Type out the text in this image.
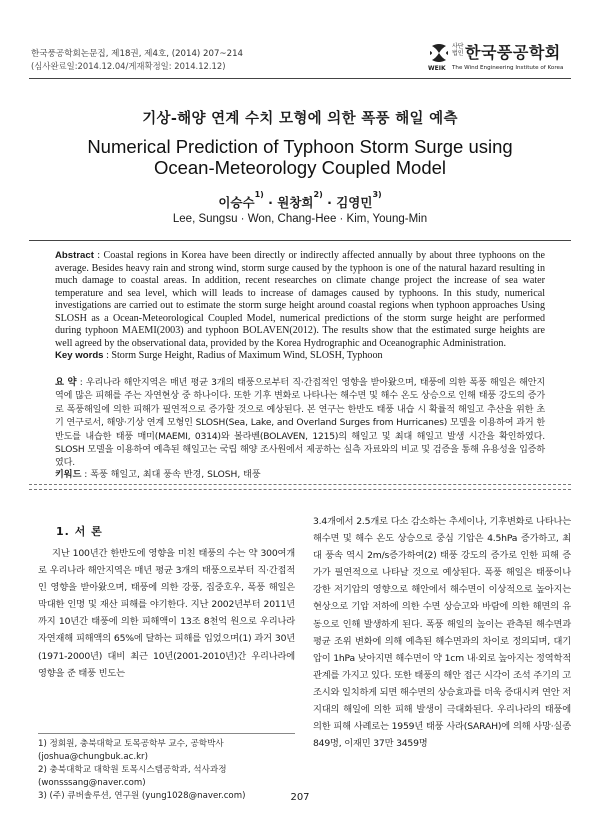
한국풍공학회논문집, 제18권, 제4호, (2014) 207~214
(심사완료일:2014.12.04/게재확정일: 2014.12.12)
사단
법인 한국풍공학회
WEIK The Wind Engineering Institute of Korea
기상-해양 연계 수치 모형에 의한 폭풍 해일 예측
Numerical Prediction of Typhoon Storm Surge using
Ocean-Meteorology Coupled Model
이승수$^{1)}$ · 원창희$^{2)}$ · 김영민$^{3)}$
Lee, Sungsu · Won, Chang-Hee · Kim, Young-Min
Abstract : Coastal regions in Korea have been directly or indirectly affected annually by about three typhoons on the average. Besides heavy rain and strong wind, storm surge caused by the typhoon is one of the natural hazard resulting in much damage to coastal areas. In addition, recent researches on climate change project the increase of sea water temperature and sea level, which will leads to increase of damages caused by typhoons. In this study, numerical investigations are carried out to estimate the storm surge height around coastal regions when typhoon approaches Using SLOSH as a Ocean-Meteorological Coupled Model, numerical predictions of the storm surge height are performed during typhoon MAEMI(2003) and typhoon BOLAVEN(2012). The results show that the estimated surge heights are well agreed by the observational data, provided by the Korea Hydrographic and Oceanographic Administration.
Key words : Storm Surge Height, Radius of Maximum Wind, SLOSH, Typhoon
요 약 : 우리나라 해안지역은 매년 평균 3개의 태풍으로부터 직·간접적인 영향을 받아왔으며, 태풍에 의한 폭풍 해일은 해안지역에 많은 피해를 주는 자연현상 중 하나이다. 또한 기후 변화로 나타나는 해수면 및 해수 온도 상승으로 인해 태풍 강도의 증가로 폭풍해일에 의한 피해가 필연적으로 증가할 것으로 예상된다. 본 연구는 한반도 태풍 내습 시 확률적 해일고 추산을 위한 초기 연구로서, 해양·기상 연계 모형인 SLOSH(Sea, Lake, and Overland Surges from Hurricanes) 모델을 이용하여 과거 한반도를 내습한 태풍 매미(MAEMI, 0314)와 볼라벤(BOLAVEN, 1215)의 해일고 및 최대 해일고 발생 시간을 확인하였다. SLOSH 모델을 이용하여 예측된 해일고는 국립 해양 조사원에서 제공하는 실측 자료와의 비교 및 검증을 통해 유용성을 입증하였다.
키워드 : 폭풍 해일고, 최대 풍속 반경, SLOSH, 태풍
1. 서 론
지난 100년간 한반도에 영향을 미친 태풍의 수는 약 300여개로 우리나라 해안지역은 매년 평균 3개의 태풍으로부터 직·간접적인 영향을 받아왔으며, 태풍에 의한 강풍, 집중호우, 폭풍 해일은 막대한 인명 및 재산 피해를 야기한다. 지난 2002년부터 2011년까지 10년간 태풍에 의한 피해액이 13조 8천억 원으로 우리나라 자연재해 피해액의 65%에 달하는 피해를 입었으며(1) 과거 30년(1971-2000년) 대비 최근 10년(2001-2010년)간 우리나라에 영향을 준 태풍 빈도는
3.4개에서 2.5개로 다소 감소하는 추세이나, 기후변화로 나타나는 해수면 및 해수 온도 상승으로 중심 기압은 4.5hPa 증가하고, 최대 풍속 역시 2m/s증가하여(2) 태풍 강도의 증가로 인한 피해 증가가 필연적으로 나타날 것으로 예상된다. 폭풍 해일은 태풍이나 강한 저기압의 영향으로 해안에서 해수면이 이상적으로 높아지는 현상으로 기압 저하에 의한 수면 상승고와 바람에 의한 해면의 유동으로 인해 발생하게 된다. 폭풍 해일의 높이는 관측된 해수면과 평균 조위 변화에 의해 예측된 해수면과의 차이로 정의되며, 대기압이 1hPa 낮아지면 해수면이 약 1cm 내·외로 높아지는 정역학적 관계를 가지고 있다. 또한 태풍의 해안 접근 시각이 조석 주기의 고조시와 일치하게 되면 해수면의 상승효과를 더욱 증대시켜 연안 저지대의 해일에 의한 피해 발생이 극대화된다. 우리나라의 태풍에 의한 피해 사례로는 1959년 태풍 사라(SARAH)에 의해 사망·실종 849명, 이재민 37만 3459명
1) 정회원, 충북대학교 토목공학부 교수, 공학박사 (joshua@chungbuk.ac.kr)
2) 충북대학교 대학원 토목시스템공학과, 석사과정 (wonsssang@naver.com)
3) (주) 큐버솔루션, 연구원 (yung1028@naver.com)	207
